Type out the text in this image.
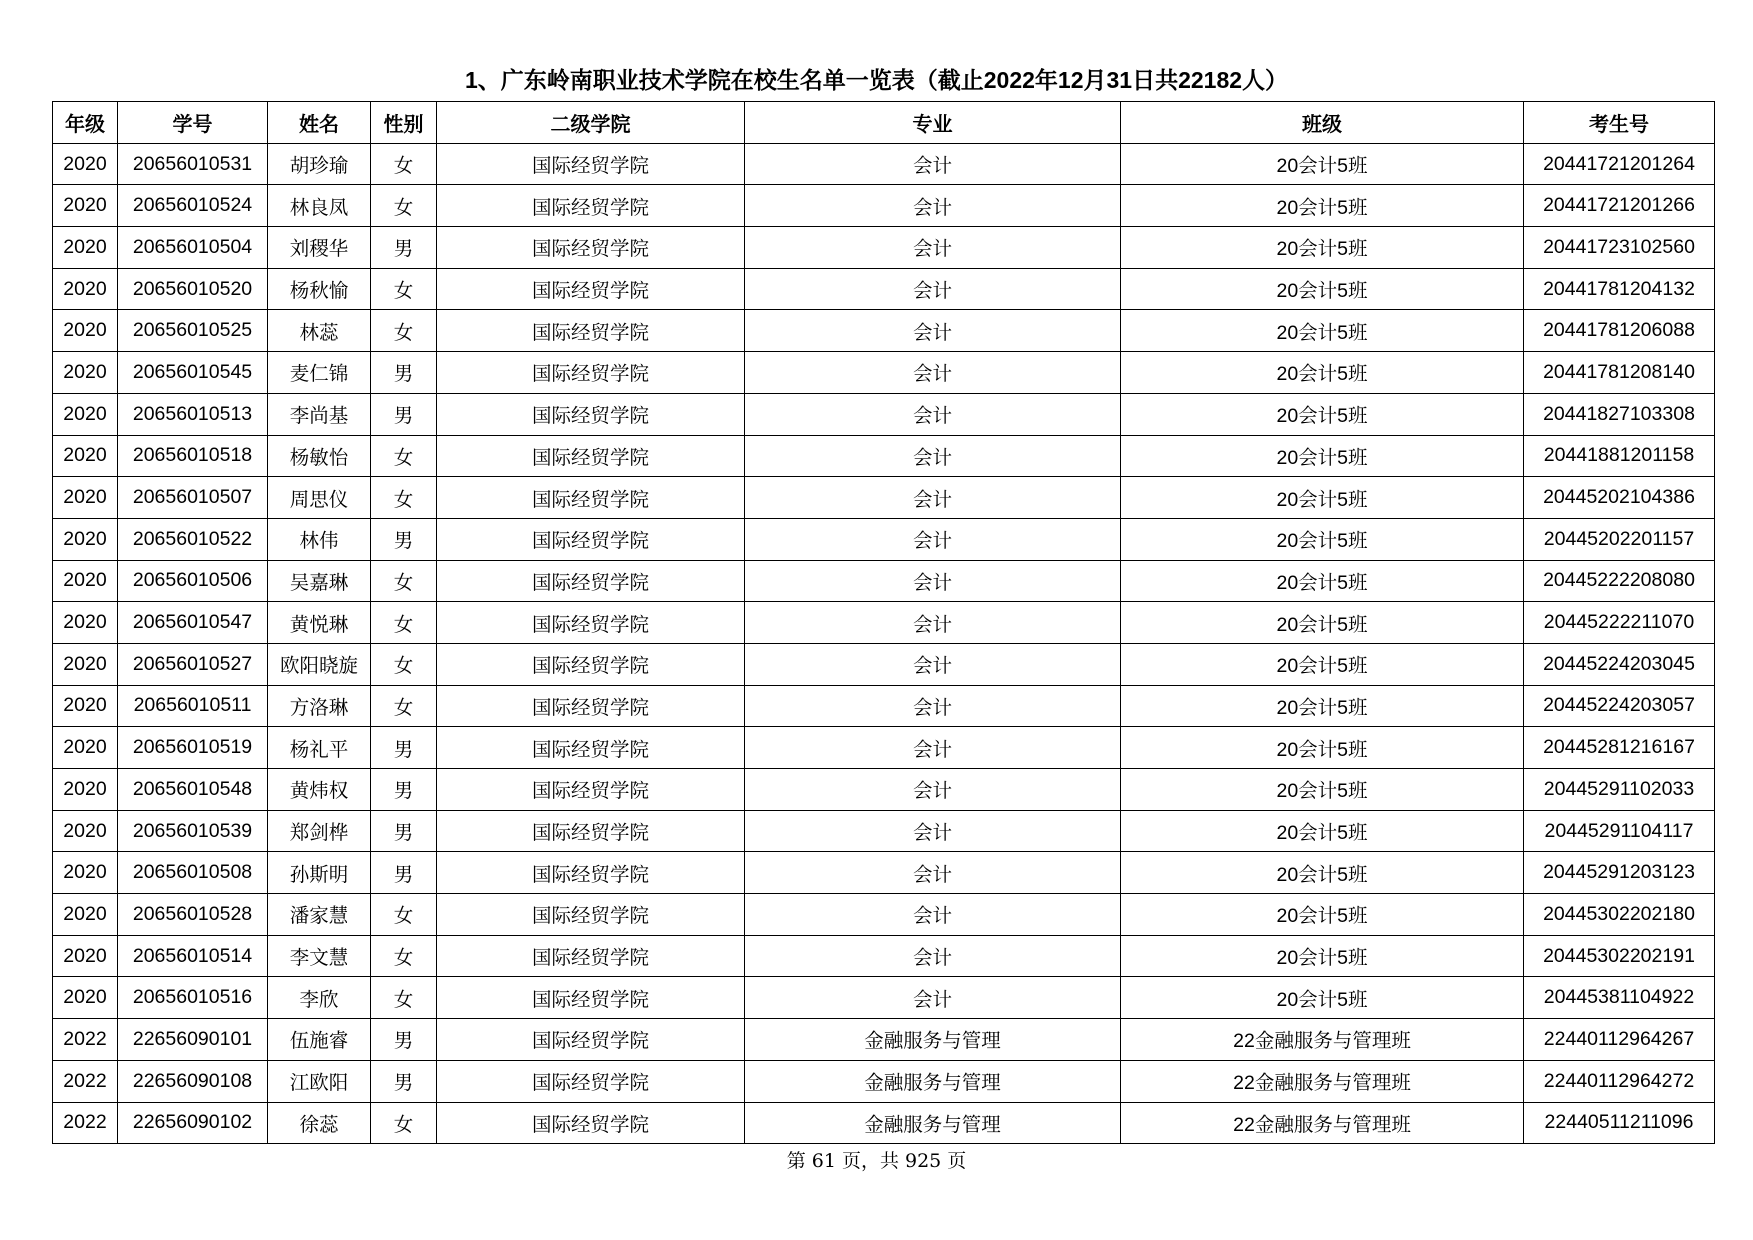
1、广东岭南职业技术学院在校生名单一览表（截止2022年12月31日共22182人）
年级	学号	姓名	性别	二级学院	专业	班级	考生号
2020	20656010531	胡珍瑜	女	国际经贸学院	会计	20会计5班	20441721201264
2020	20656010524	林良凤	女	国际经贸学院	会计	20会计5班	20441721201266
2020	20656010504	刘稷华	男	国际经贸学院	会计	20会计5班	20441723102560
2020	20656010520	杨秋愉	女	国际经贸学院	会计	20会计5班	20441781204132
2020	20656010525	林蕊	女	国际经贸学院	会计	20会计5班	20441781206088
2020	20656010545	麦仁锦	男	国际经贸学院	会计	20会计5班	20441781208140
2020	20656010513	李尚基	男	国际经贸学院	会计	20会计5班	20441827103308
2020	20656010518	杨敏怡	女	国际经贸学院	会计	20会计5班	20441881201158
2020	20656010507	周思仪	女	国际经贸学院	会计	20会计5班	20445202104386
2020	20656010522	林伟	男	国际经贸学院	会计	20会计5班	20445202201157
2020	20656010506	吴嘉琳	女	国际经贸学院	会计	20会计5班	20445222208080
2020	20656010547	黄悦琳	女	国际经贸学院	会计	20会计5班	20445222211070
2020	20656010527	欧阳晓旋	女	国际经贸学院	会计	20会计5班	20445224203045
2020	20656010511	方洛琳	女	国际经贸学院	会计	20会计5班	20445224203057
2020	20656010519	杨礼平	男	国际经贸学院	会计	20会计5班	20445281216167
2020	20656010548	黄炜权	男	国际经贸学院	会计	20会计5班	20445291102033
2020	20656010539	郑剑桦	男	国际经贸学院	会计	20会计5班	20445291104117
2020	20656010508	孙斯明	男	国际经贸学院	会计	20会计5班	20445291203123
2020	20656010528	潘家慧	女	国际经贸学院	会计	20会计5班	20445302202180
2020	20656010514	李文慧	女	国际经贸学院	会计	20会计5班	20445302202191
2020	20656010516	李欣	女	国际经贸学院	会计	20会计5班	20445381104922
2022	22656090101	伍施睿	男	国际经贸学院	金融服务与管理	22金融服务与管理班	22440112964267
2022	22656090108	江欧阳	男	国际经贸学院	金融服务与管理	22金融服务与管理班	22440112964272
2022	22656090102	徐蕊	女	国际经贸学院	金融服务与管理	22金融服务与管理班	22440511211096
第 61 页，共 925 页
